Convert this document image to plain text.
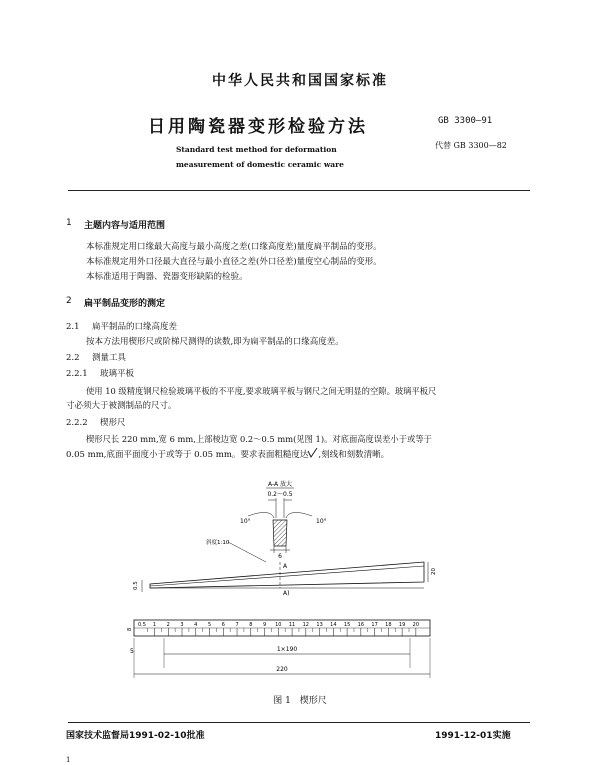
中华人民共和国国家标准
日用陶瓷器变形检验方法	GB 3300—91
Standard test method for deformation
measurement of domestic ceramic ware
代替 GB 3300—82
1 主题内容与适用范围
本标准规定用口缘最大高度与最小高度之差(口缘高度差)量度扁平制品的变形。
本标准规定用外口径最大直径与最小直径之差(外口径差)量度空心制品的变形。
本标准适用于陶器、瓷器变形缺陷的检验。
2 扁平制品变形的测定
2.1 扁平制品的口缘高度差
按本方法用楔形尺或阶梯尺测得的读数,即为扁平制品的口缘高度差。
2.2 测量工具
2.2.1 玻璃平板
使用 10 级精度钢尺检验玻璃平板的不平度,要求玻璃平板与钢尺之间无明显的空隙。玻璃平板尺
寸必须大于被测制品的尺寸。
2.2.2 楔形尺
楔形尺长 220 mm,宽 6 mm,上部棱边宽 0.2～0.5 mm(见图 1)。对底面高度误差小于或等于
0.05 mm,底面平面度小于或等于 0.05 mm。要求表面粗糙度达 ,刻线和刻数清晰。
A-A 放大
0.2～0.5
10°	10°
6
斜度1:10
A
A)
20
0.5
0.5 1 2 3 4 5 6 7 8 9 10 11 12 13 14 15 16 17 18 19 20
8
5	1×190
220
图 1　楔形尺
国家技术监督局1991-02-10批准	1991-12-01实施
1
